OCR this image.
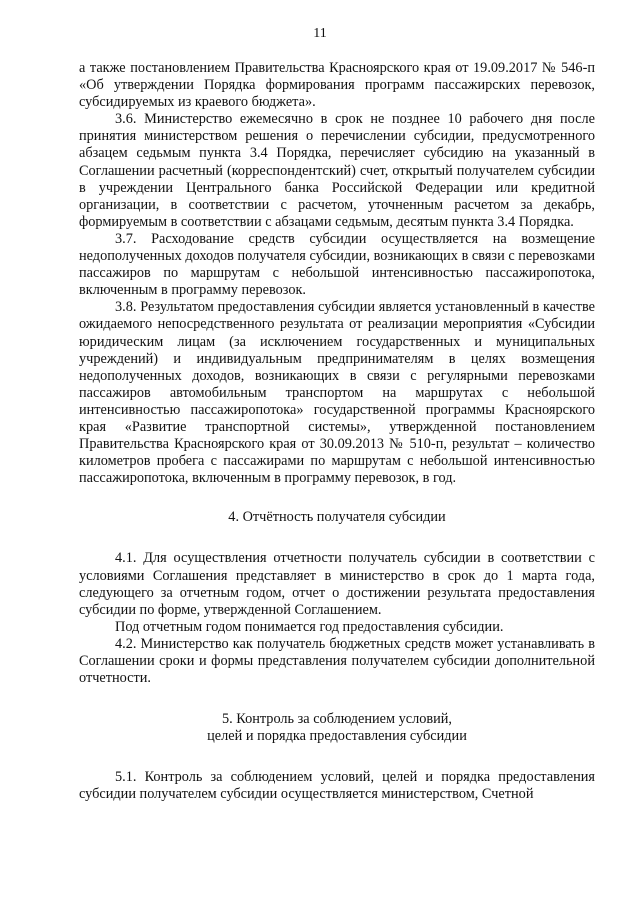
11

а также постановлением Правительства Красноярского края от 19.09.2017 № 546-п «Об утверждении Порядка формирования программ пассажирских перевозок, субсидируемых из краевого бюджета».

3.6. Министерство ежемесячно в срок не позднее 10 рабочего дня после принятия министерством решения о перечислении субсидии, предусмотренного абзацем седьмым пункта 3.4 Порядка, перечисляет субсидию на указанный в Соглашении расчетный (корреспондентский) счет, открытый получателем субсидии в учреждении Центрального банка Российской Федерации или кредитной организации, в соответствии с расчетом, уточненным расчетом за декабрь, формируемым в соответствии с абзацами седьмым, десятым пункта 3.4 Порядка.

3.7. Расходование средств субсидии осуществляется на возмещение недополученных доходов получателя субсидии, возникающих в связи с перевозками пассажиров по маршрутам с небольшой интенсивностью пассажиропотока, включенным в программу перевозок.

3.8. Результатом предоставления субсидии является установленный в качестве ожидаемого непосредственного результата от реализации мероприятия «Субсидии юридическим лицам (за исключением государственных и муниципальных учреждений) и индивидуальным предпринимателям в целях возмещения недополученных доходов, возникающих в связи с регулярными перевозками пассажиров автомобильным транспортом на маршрутах с небольшой интенсивностью пассажиропотока» государственной программы Красноярского края «Развитие транспортной системы», утвержденной постановлением Правительства Красноярского края от 30.09.2013 № 510-п, результат – количество километров пробега с пассажирами по маршрутам с небольшой интенсивностью пассажиропотока, включенным в программу перевозок, в год.

4. Отчётность получателя субсидии

4.1. Для осуществления отчетности получатель субсидии в соответствии с условиями Соглашения представляет в министерство в срок до 1 марта года, следующего за отчетным годом, отчет о достижении результата предоставления субсидии по форме, утвержденной Соглашением.

Под отчетным годом понимается год предоставления субсидии.

4.2. Министерство как получатель бюджетных средств может устанавливать в Соглашении сроки и формы представления получателем субсидии дополнительной отчетности.

5. Контроль за соблюдением условий,

целей и порядка предоставления субсидии

5.1. Контроль за соблюдением условий, целей и порядка предоставления субсидии получателем субсидии осуществляется министерством, Счетной
